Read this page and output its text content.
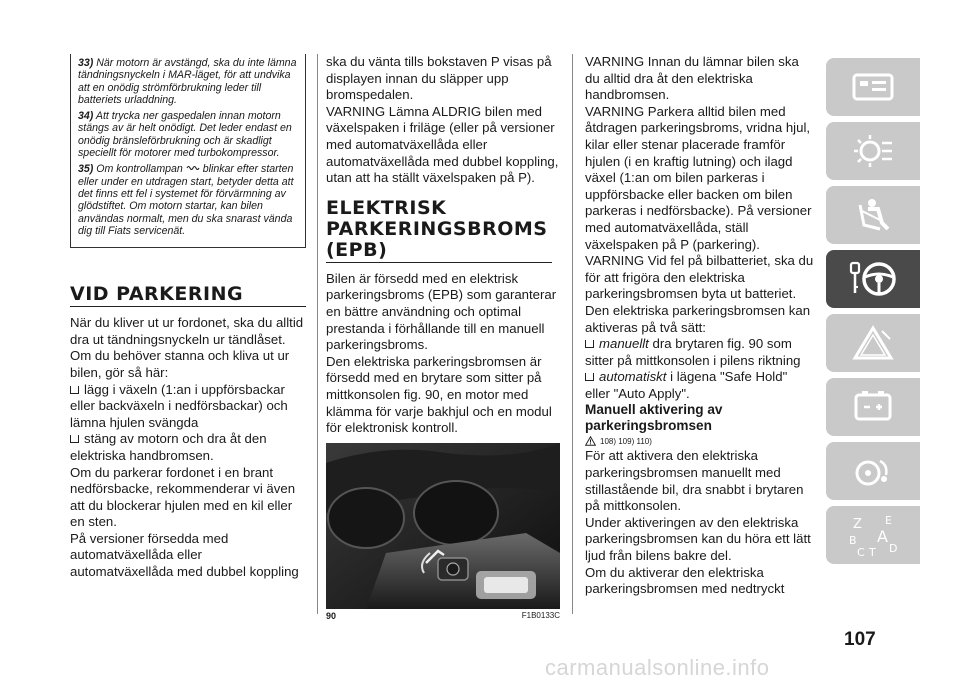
33) När motorn är avstängd, ska du inte lämna tändningsnyckeln i MAR-läget, för att undvika att en onödig strömförbrukning leder till batteriets urladdning.

34) Att trycka ner gaspedalen innan motorn stängs av är helt onödigt. Det leder endast en onödig bränsleförbrukning och är skadligt speciellt för motorer med turbokompressor.

35) Om kontrollampan blinkar efter starten eller under en utdragen start, betyder detta att det finns ett fel i systemet för förvärmning av glödstiftet. Om motorn startar, kan bilen användas normalt, men du ska snarast vända dig till Fiats servicenät.

VID PARKERING

När du kliver ut ur fordonet, ska du alltid dra ut tändningsnyckeln ur tändlåset.

Om du behöver stanna och kliva ut ur bilen, gör så här:

lägg i växeln (1:an i uppförsbackar eller backväxeln i nedförsbackar) och lämna hjulen svängda

stäng av motorn och dra åt den elektriska handbromsen.

Om du parkerar fordonet i en brant nedförsbacke, rekommenderar vi även att du blockerar hjulen med en kil eller en sten.

På versioner försedda med automatväxellåda eller automatväxellåda med dubbel koppling

ska du vänta tills bokstaven P visas på displayen innan du släpper upp bromspedalen.

VARNING Lämna ALDRIG bilen med växelspaken i friläge (eller på versioner med automatväxellåda eller automatväxellåda med dubbel koppling, utan att ha ställt växelspaken på P).

ELEKTRISK PARKERINGSBROMS (EPB)

Bilen är försedd med en elektrisk parkeringsbroms (EPB) som garanterar en bättre användning och optimal prestanda i förhållande till en manuell parkeringsbroms.

Den elektriska parkeringsbromsen är försedd med en brytare som sitter på mittkonsolen fig. 90, en motor med klämma för varje bakhjul och en modul för elektronisk kontroll.

90	F1B0133C

VARNING Innan du lämnar bilen ska du alltid dra åt den elektriska handbromsen.

VARNING Parkera alltid bilen med åtdragen parkeringsbroms, vridna hjul, kilar eller stenar placerade framför hjulen (i en kraftig lutning) och ilagd växel (1:an om bilen parkeras i uppförsbacke eller backen om bilen parkeras i nedförsbacke). På versioner med automatväxellåda, ställ växelspaken på P (parkering).

VARNING Vid fel på bilbatteriet, ska du för att frigöra den elektriska parkeringsbromsen byta ut batteriet.

Den elektriska parkeringsbromsen kan aktiveras på två sätt:

manuellt dra brytaren fig. 90 som sitter på mittkonsolen i pilens riktning

automatiskt i lägena "Safe Hold" eller "Auto Apply".

Manuell aktivering av parkeringsbromsen

108) 109) 110)

För att aktivera den elektriska parkeringsbromsen manuellt med stillastående bil, dra snabbt i brytaren på mittkonsolen.

Under aktiveringen av den elektriska parkeringsbromsen kan du höra ett lätt ljud från bilens bakre del.

Om du aktiverar den elektriska parkeringsbromsen med nedtryckt

Z E
B A
C T D
107
carmanualsonline.info
